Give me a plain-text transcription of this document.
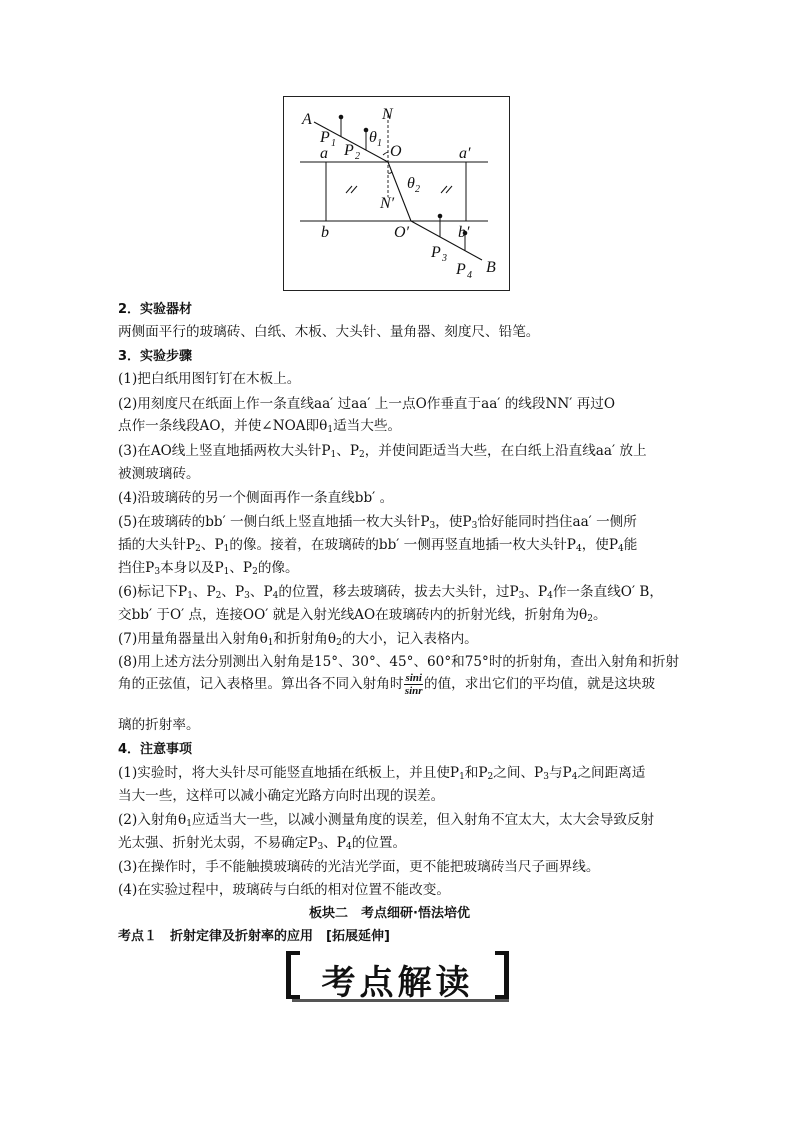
A	N
P 1 P 2
θ 1 O
a	a′
θ 2
N′
b	O′	b′
P 3
P 4 B
2．实验器材
两侧面平行的玻璃砖、白纸、木板、大头针、量角器、刻度尺、铅笔。
3．实验步骤
(1)把白纸用图钉钉在木板上。
(2)用刻度尺在纸面上作一条直线aa′ 过aa′ 上一点O作垂直于aa′ 的线段NN′ 再过O
点作一条线段AO，并使∠NOA即$\theta_1$适当大些。
(3)在AO线上竖直地插两枚大头针$P_1$、$P_2$，并使间距适当大些，在白纸上沿直线aa′ 放上
被测玻璃砖。
(4)沿玻璃砖的另一个侧面再作一条直线bb′ 。
(5)在玻璃砖的bb′ 一侧白纸上竖直地插一枚大头针$P_3$，使$P_3$恰好能同时挡住aa′ 一侧所
插的大头针$P_2$、$P_1$的像。接着，在玻璃砖的bb′ 一侧再竖直地插一枚大头针$P_4$，使$P_4$能
挡住$P_3$本身以及$P_1$、$P_2$的像。
(6)标记下$P_1$、$P_2$、$P_3$、$P_4$的位置，移去玻璃砖，拔去大头针，过$P_3$、$P_4$作一条直线O′ B，
交bb′ 于O′ 点，连接OO′ 就是入射光线AO在玻璃砖内的折射光线，折射角为$\theta_2$。
(7)用量角器量出入射角$\theta_1$和折射角$\theta_2$的大小，记入表格内。
(8)用上述方法分别测出入射角是15°、30°、45°、60°和75°时的折射角，查出入射角和折射
角的正弦值，记入表格里。算出各不同入射角时 $\frac{\sin i}{\sin r}$ 的值，求出它们的平均值，就是这块玻
璃的折射率。
4．注意事项
(1)实验时，将大头针尽可能竖直地插在纸板上，并且使$P_1$和$P_2$之间、$P_3$与$P_4$之间距离适
当大一些，这样可以减小确定光路方向时出现的误差。
(2)入射角$\theta_1$应适当大一些，以减小测量角度的误差，但入射角不宜太大，太大会导致反射
光太强、折射光太弱，不易确定$P_3$、$P_4$的位置。
(3)在操作时，手不能触摸玻璃砖的光洁光学面，更不能把玻璃砖当尺子画界线。
(4)在实验过程中，玻璃砖与白纸的相对位置不能改变。
板块二　考点细研·悟法培优
考点１　折射定律及折射率的应用　[拓展延伸]
考点解读
